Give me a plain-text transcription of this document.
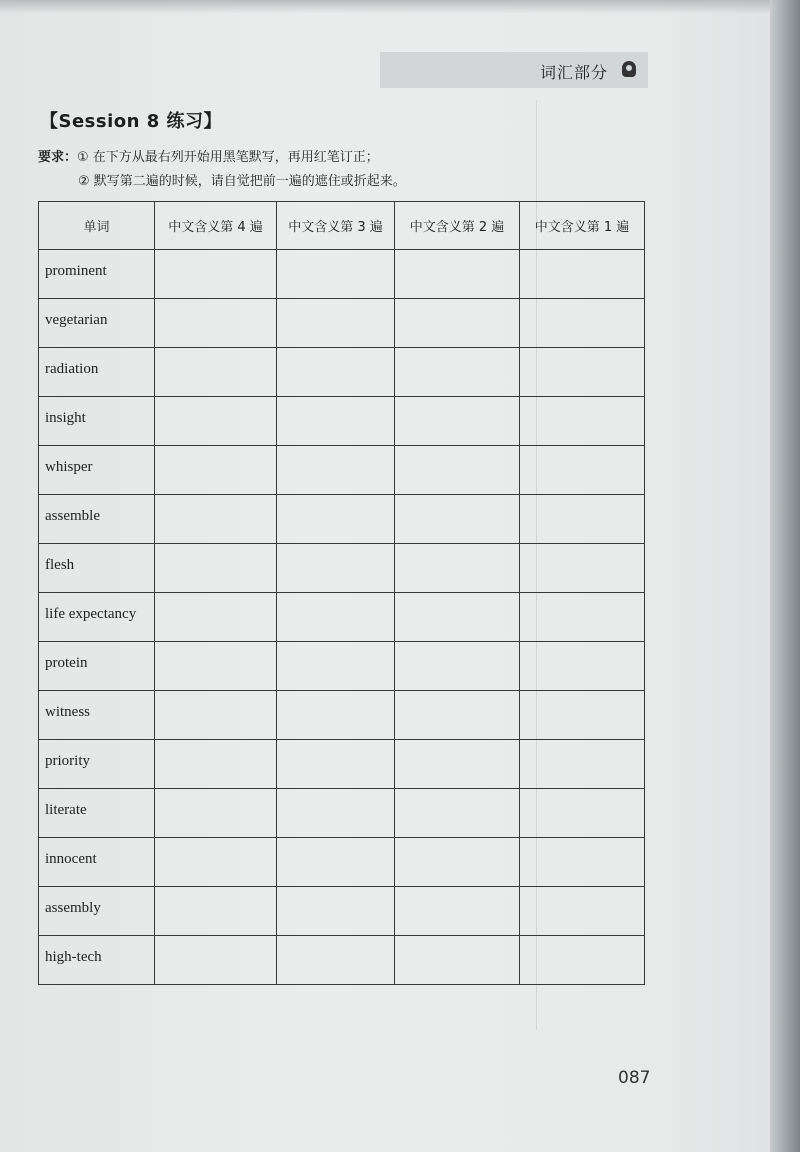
词汇部分
【Session 8 练习】
要求：① 在下方从最右列开始用黑笔默写，再用红笔订正；
② 默写第二遍的时候，请自觉把前一遍的遮住或折起来。
单词	中文含义第 4 遍	中文含义第 3 遍	中文含义第 2 遍	中文含义第 1 遍
prominent				
vegetarian				
radiation				
insight				
whisper				
assemble				
flesh				
life expectancy				
protein				
witness				
priority				
literate				
innocent				
assembly				
high-tech				
087
